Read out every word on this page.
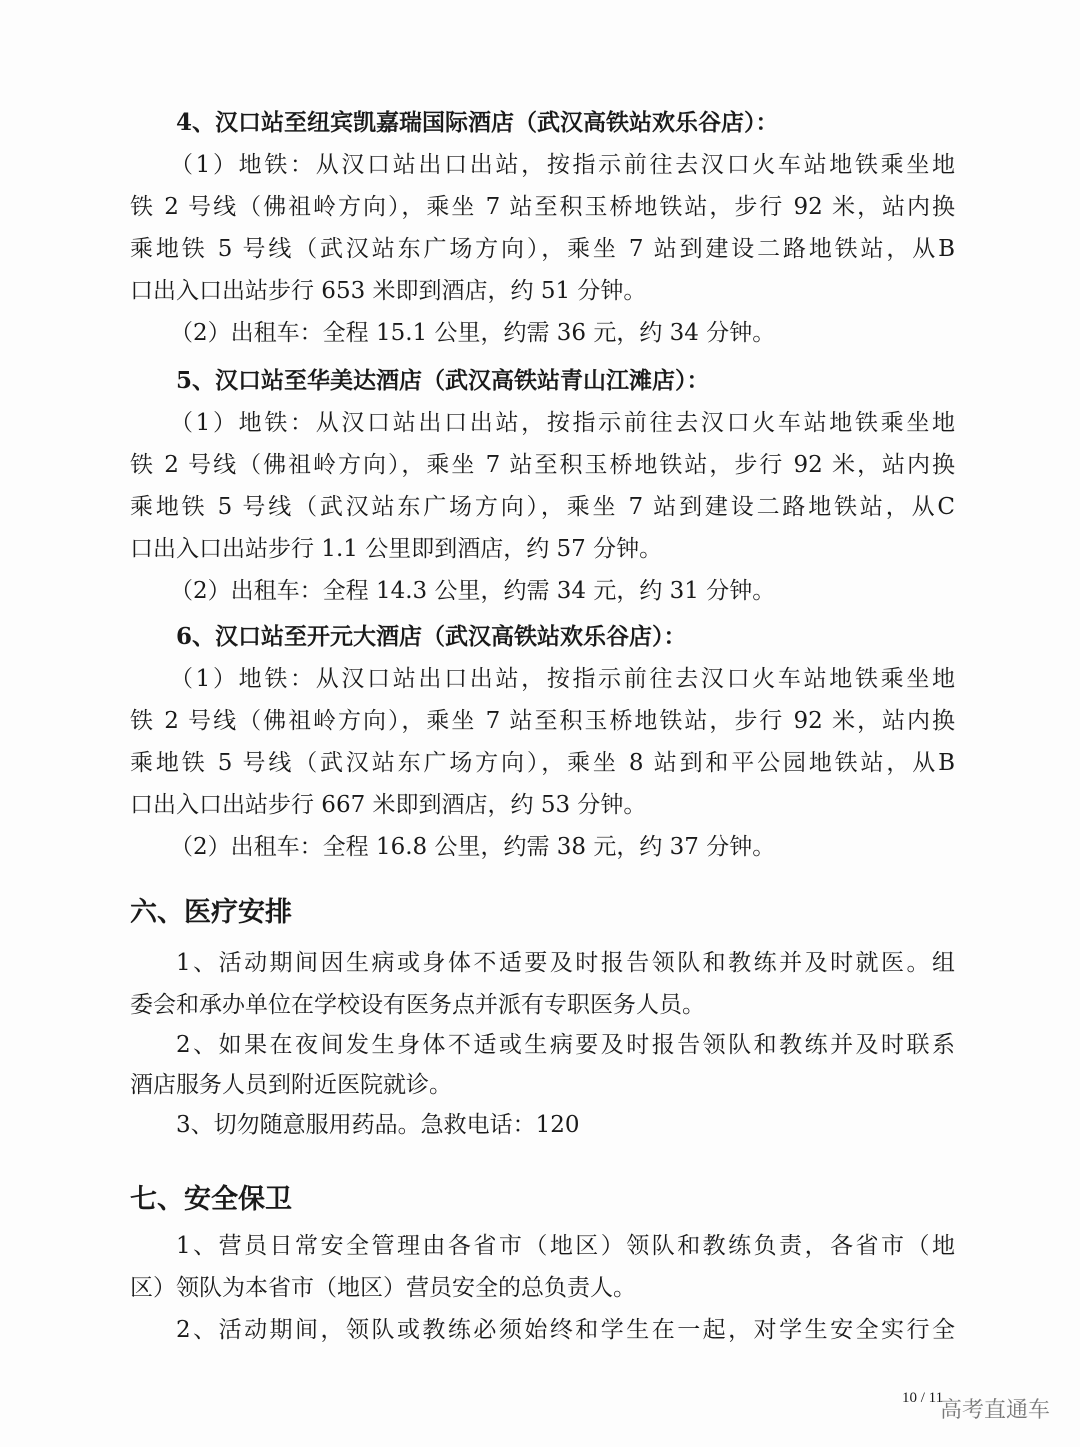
4、汉口站至纽宾凯嘉瑞国际酒店（武汉高铁站欢乐谷店）：
（1）地铁：从汉口站出口出站，按指示前往去汉口火车站地铁乘坐地
铁 2 号线（佛祖岭方向），乘坐 7 站至积玉桥地铁站，步行 92 米，站内换
乘地铁 5 号线（武汉站东广场方向），乘坐 7 站到建设二路地铁站，从B
口出入口出站步行 653 米即到酒店，约 51 分钟。
（2）出租车：全程 15.1 公里，约需 36 元，约 34 分钟。
5、汉口站至华美达酒店（武汉高铁站青山江滩店）：
（1）地铁：从汉口站出口出站，按指示前往去汉口火车站地铁乘坐地
铁 2 号线（佛祖岭方向），乘坐 7 站至积玉桥地铁站，步行 92 米，站内换
乘地铁 5 号线（武汉站东广场方向），乘坐 7 站到建设二路地铁站，从C
口出入口出站步行 1.1 公里即到酒店，约 57 分钟。
（2）出租车：全程 14.3 公里，约需 34 元，约 31 分钟。
6、汉口站至开元大酒店（武汉高铁站欢乐谷店）：
（1）地铁：从汉口站出口出站，按指示前往去汉口火车站地铁乘坐地
铁 2 号线（佛祖岭方向），乘坐 7 站至积玉桥地铁站，步行 92 米，站内换
乘地铁 5 号线（武汉站东广场方向），乘坐 8 站到和平公园地铁站，从B
口出入口出站步行 667 米即到酒店，约 53 分钟。
（2）出租车：全程 16.8 公里，约需 38 元，约 37 分钟。
六、医疗安排
1、活动期间因生病或身体不适要及时报告领队和教练并及时就医。组
委会和承办单位在学校设有医务点并派有专职医务人员。
2、如果在夜间发生身体不适或生病要及时报告领队和教练并及时联系
酒店服务人员到附近医院就诊。
3、切勿随意服用药品。急救电话：120
七、安全保卫
1、营员日常安全管理由各省市（地区）领队和教练负责，各省市（地
区）领队为本省市（地区）营员安全的总负责人。
2、活动期间，领队或教练必须始终和学生在一起，对学生安全实行全
10 / 11
高考直通车
